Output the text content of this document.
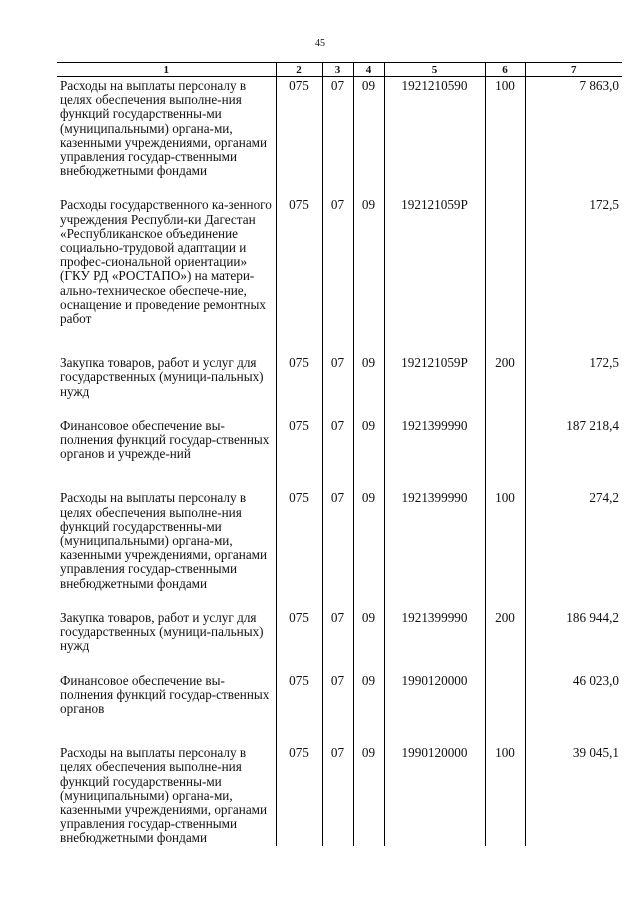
45
1	2	3	4	5	6	7
Расходы на выплаты персоналу в целях обеспечения выполне-ния функций государственны-ми (муниципальными) органа-ми, казенными учреждениями, органами управления государ-ственными внебюджетными фондами	075	07	09	1921210590	100	7 863,0

Расходы государственного ка-зенного учреждения Республи-ки Дагестан «Республиканское объединение социально-трудовой адаптации и профес-сиональной ориентации» (ГКУ РД «РОСТАПО») на матери-ально-техническое обеспече-ние, оснащение и проведение ремонтных работ	075	07	09	192121059Р		172,5

Закупка товаров, работ и услуг для государственных (муници-пальных) нужд	075	07	09	192121059Р	200	172,5

Финансовое обеспечение вы-полнения функций государ-ственных органов и учрежде-ний	075	07	09	1921399990		187 218,4

Расходы на выплаты персоналу в целях обеспечения выполне-ния функций государственны-ми (муниципальными) органа-ми, казенными учреждениями, органами управления государ-ственными внебюджетными фондами	075	07	09	1921399990	100	274,2

Закупка товаров, работ и услуг для государственных (муници-пальных) нужд	075	07	09	1921399990	200	186 944,2

Финансовое обеспечение вы-полнения функций государ-ственных органов	075	07	09	1990120000		46 023,0

Расходы на выплаты персоналу в целях обеспечения выполне-ния функций государственны-ми (муниципальными) органа-ми, казенными учреждениями, органами управления государ-ственными внебюджетными фондами	075	07	09	1990120000	100	39 045,1
